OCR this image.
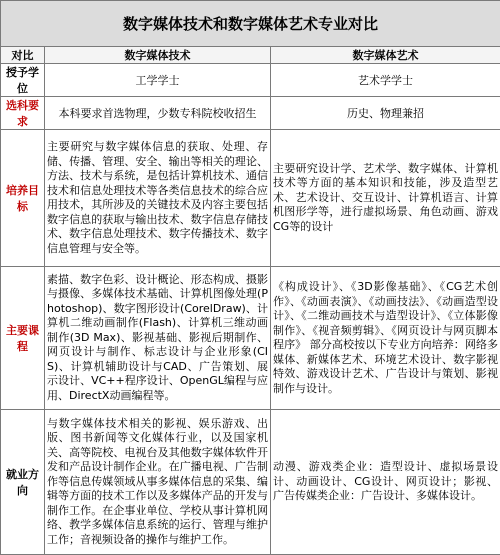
数字媒体技术和数字媒体艺术专业对比		
对比	数字媒体技术	数字媒体艺术
授予学位	工学学士	艺术学学士
选科要求	本科要求首选物理，少数专科院校收招生	历史、物理兼招
培养目标	主要研究与数字媒体信息的获取、处理、存储、传播、管理、安全、输出等相关的理论、方法、技术与系统，是包括计算机技术、通信技术和信息处理技术等各类信息技术的综合应用技术，其所涉及的关键技术及内容主要包括数字信息的获取与输出技术、数字信息存储技术、数字信息处理技术、数字传播技术、数字信息管理与安全等。	主要研究设计学、艺术学、数字媒体、计算机技术等方面的基本知识和技能，涉及造型艺术、艺术设计、交互设计、计算机语言、计算机图形学等，进行虚拟场景、角色动画、游戏CG等的设计
主要课程	素描、数字色彩、设计概论、形态构成、摄影与摄像、多媒体技术基础、计算机图像处理(Photoshop)、数字图形设计(CorelDraw)、计算机二维动画制作(Flash)、计算机三维动画制作(3D Max)、影视基础、影视后期制作、网页设计与制作、标志设计与企业形象(CIS)、计算机辅助设计与CAD、广告策划、展示设计、VC++程序设计、OpenGL编程与应用、DirectX动画编程等。	《构成设计》、《3D影像基础》、《CG艺术创作》、《动画表演》、《动画技法》、《动画造型设计》、《二维动画技术与造型设计》、《立体影像制作》、《视音频剪辑》、《网页设计与网页脚本程序》 部分高校按以下专业方向培养：网络多媒体、新媒体艺术、环境艺术设计、数字影视特效、游戏设计艺术、广告设计与策划、影视制作与设计。
就业方向	与数字媒体技术相关的影视、娱乐游戏、出版、图书新闻等文化媒体行业，以及国家机关、高等院校、电视台及其他数字媒体软件开发和产品设计制作企业。在广播电视、广告制作等信息传媒领域从事多媒体信息的采集、编辑等方面的技术工作以及多媒体产品的开发与制作工作。在企事业单位、学校从事计算机网络、教学多媒体信息系统的运行、管理与维护工作；音视频设备的操作与维护工作。	动漫、游戏类企业：造型设计、虚拟场景设计、动画设计、CG设计、网页设计；影视、广告传媒类企业：广告设计、多媒体设计。
